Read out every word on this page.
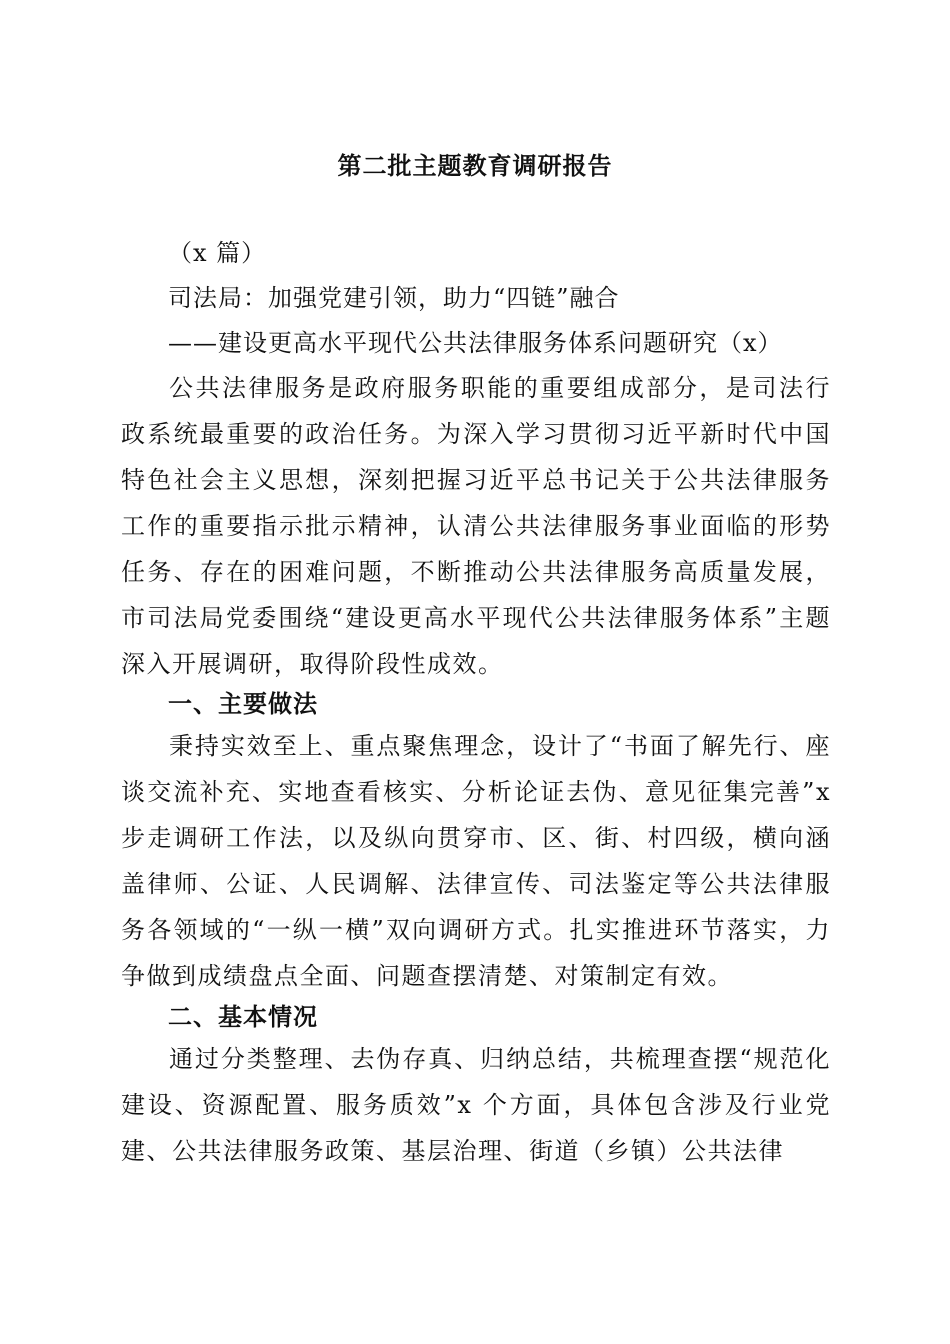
第二批主题教育调研报告
（x 篇）
司法局：加强党建引领，助力“四链”融合
——建设更高水平现代公共法律服务体系问题研究（x）
公共法律服务是政府服务职能的重要组成部分，是司法行政系统最重要的政治任务。为深入学习贯彻习近平新时代中国特色社会主义思想，深刻把握习近平总书记关于公共法律服务工作的重要指示批示精神，认清公共法律服务事业面临的形势任务、存在的困难问题，不断推动公共法律服务高质量发展，市司法局党委围绕“建设更高水平现代公共法律服务体系”主题深入开展调研，取得阶段性成效。
一、主要做法
秉持实效至上、重点聚焦理念，设计了“书面了解先行、座谈交流补充、实地查看核实、分析论证去伪、意见征集完善”x 步走调研工作法，以及纵向贯穿市、区、街、村四级，横向涵盖律师、公证、人民调解、法律宣传、司法鉴定等公共法律服务各领域的“一纵一横”双向调研方式。扎实推进环节落实，力争做到成绩盘点全面、问题查摆清楚、对策制定有效。
二、基本情况
通过分类整理、去伪存真、归纳总结，共梳理查摆“规范化建设、资源配置、服务质效”x 个方面，具体包含涉及行业党建、公共法律服务政策、基层治理、街道（乡镇）公共法律
